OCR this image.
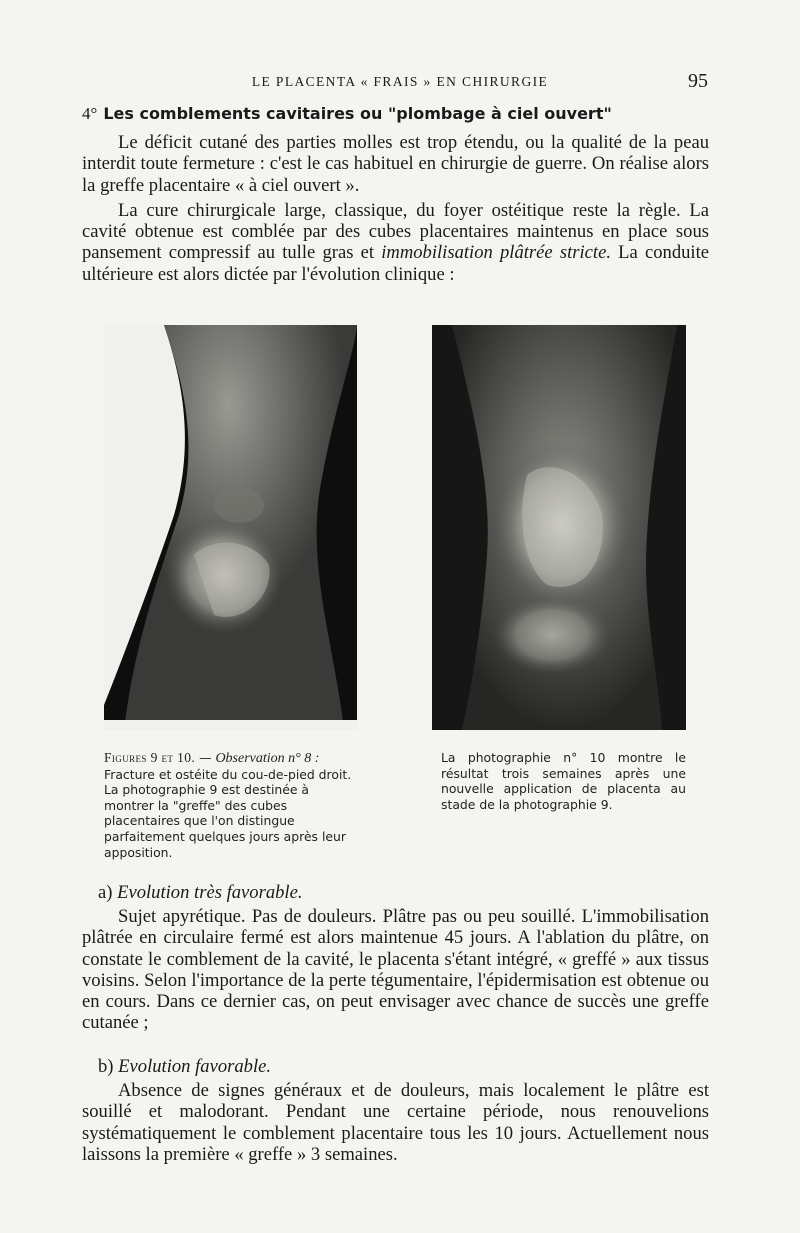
LE PLACENTA « FRAIS » EN CHIRURGIE	95
4° Les comblements cavitaires ou "plombage à ciel ouvert"

Le déficit cutané des parties molles est trop étendu, ou la qualité de la peau interdit toute fermeture : c'est le cas habituel en chirurgie de guerre. On réalise alors la greffe placentaire « à ciel ouvert ».

La cure chirurgicale large, classique, du foyer ostéitique reste la règle. La cavité obtenue est comblée par des cubes placentaires maintenus en place sous pansement compressif au tulle gras et immobilisation plâtrée stricte. La conduite ultérieure est alors dictée par l'évolution clinique :

Figures 9 et 10. — Observation n° 8 : Fracture et ostéite du cou-de-pied droit. La photographie 9 est destinée à montrer la "greffe" des cubes placentaires que l'on distingue parfaitement quelques jours après leur apposition.
La photographie n° 10 montre le résultat trois semaines après une nouvelle application de placenta au stade de la photographie 9.
a) Evolution très favorable.

Sujet apyrétique. Pas de douleurs. Plâtre pas ou peu souillé. L'immobilisation plâtrée en circulaire fermé est alors maintenue 45 jours. A l'ablation du plâtre, on constate le comblement de la cavité, le placenta s'étant intégré, « greffé » aux tissus voisins. Selon l'importance de la perte tégumentaire, l'épidermisation est obtenue ou en cours. Dans ce dernier cas, on peut envisager avec chance de succès une greffe cutanée ;

b) Evolution favorable.

Absence de signes généraux et de douleurs, mais localement le plâtre est souillé et malodorant. Pendant une certaine période, nous renouvelions systématiquement le comblement placentaire tous les 10 jours. Actuellement nous laissons la première « greffe » 3 semaines.
